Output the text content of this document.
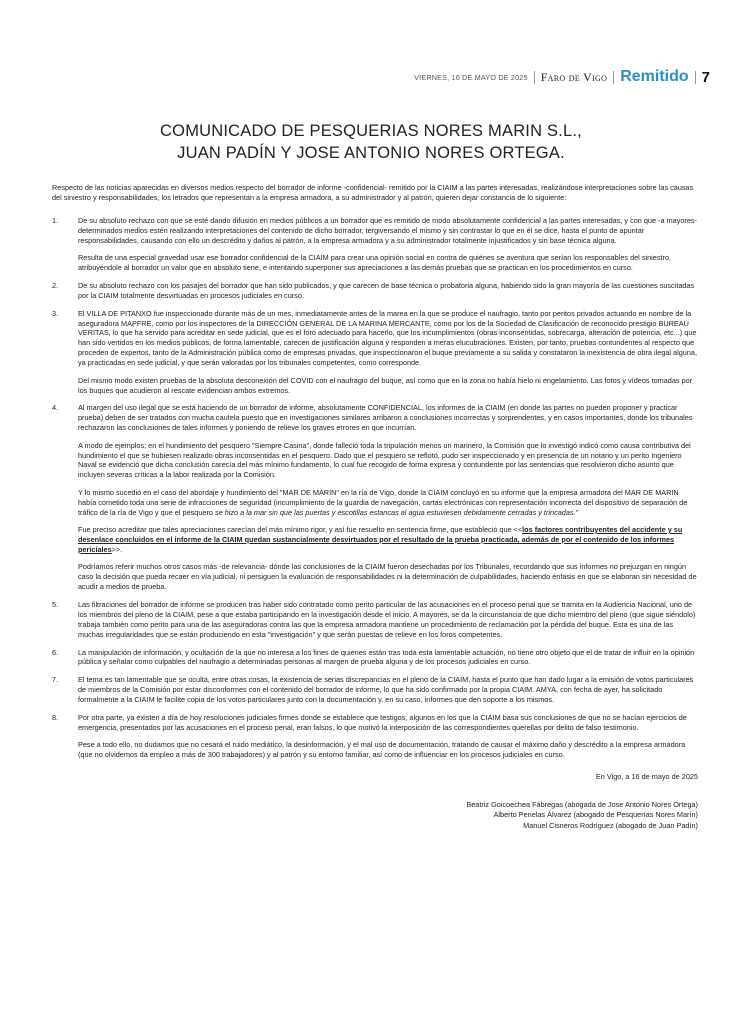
VIERNES, 16 DE MAYO DE 2025 Faro de Vigo Remitido 7
COMUNICADO DE PESQUERIAS NORES MARIN S.L.,
JUAN PADÍN Y JOSE ANTONIO NORES ORTEGA.

Respecto de las noticias aparecidas en diversos medios respecto del borrador de informe -confidencial- remitido por la CIAIM a las partes interesadas, realizándose interpretaciones sobre las causas del siniestro y responsabilidades, los letrados que representan a la empresa armadora, a su administrador y al patrón, quieren dejar constancia de lo siguiente:

1.	De su absoluto rechazo con que se esté dando difusión en medios públicos a un borrador que es remitido de modo absolutamente confidencial a las partes interesadas, y con que -a mayores- determinados medios estén realizando interpretaciones del contenido de dicho borrador, tergiversando el mismo y sin contrastar lo que en él se dice, hasta el punto de apuntar responsabilidades, causando con ello un descrédito y daños al patrón, a la empresa armadora y a su administrador totalmente injustificados y sin base técnica alguna.

Resulta de una especial gravedad usar ese borrador confidencial de la CIAIM para crear una opinión social en contra de quiénes se aventura que serían los responsables del siniestro, atribuyéndole al borrador un valor que en absoluto tiene, e intentando superponer sus apreciaciones a las demás pruebas que se practican en los procedimientos en curso.

2.	De su absoluto rechazo con los pasajes del borrador que han sido publicados, y que carecen de base técnica o probatoria alguna, habiendo sido la gran mayoría de las cuestiones suscitadas por la CIAIM totalmente desvirtuadas en procesos judiciales en curso.

3.	El VILLA DE PITANXO fue inspeccionado durante más de un mes, inmediatamente antes de la marea en la que se produce el naufragio, tanto por peritos privados actuando en nombre de la aseguradora MAPFRE, como por los inspectores de la DIRECCIÓN GENERAL DE LA MARINA MERCANTE, como por los de la Sociedad de Clasificación de reconocido prestigio BUREAU VERITAS, lo que ha servido para acreditar en sede judicial, que es el foro adecuado para hacerlo, que los incumplimientos (obras inconsentidas, sobrecarga, alteración de potencia, etc...) que han sido vertidos en los medios públicos, de forma lamentable, carecen de justificación alguna y responden a meras elucubraciones. Existen, por tanto, pruebas contundentes al respecto que proceden de expertos, tanto de la Administración pública como de empresas privadas, que inspeccionaron el buque previamente a su salida y constataron la inexistencia de obra ilegal alguna, ya practicadas en sede judicial, y que serán valoradas por los tribunales competentes, como corresponde.

Del mismo modo existen pruebas de la absoluta desconexión del COVID con el naufragio del buque, así como que en la zona no había hielo ni engelamiento. Las fotos y vídeos tomadas por los buques que acudieron al rescate evidencian ambos extremos.

4.	Al margen del uso ilegal que se está haciendo de un borrador de informe, absolutamente CONFIDENCIAL, los informes de la CIAIM (en donde las partes no pueden proponer y practicar prueba) deben de ser tratados con mucha cautela puesto que en investigaciones similares arribaron a conclusiones incorrectas y sorprendentes, y en casos importantes, donde los tribunales rechazaron las conclusiones de tales informes y poniendo de relieve los graves errores en que incurrían.

A modo de ejemplos; en el hundimiento del pesquero "Siempre Casina", donde falleció toda la tripulación menos un marinero, la Comisión que lo investigó indicó como causa contributiva del hundimiento el que se hubiesen realizado obras inconsentidas en el pesquero. Dado que el pesquero se reflotó, pudo ser inspeccionado y en presencia de un notario y un perito Ingeniero Naval se evidenció que dicha conclusión carecía del más mínimo fundamento, lo cual fue recogido de forma expresa y contundente por las sentencias que resolvieron dicho asunto que incluyen severas críticas a la labor realizada por la Comisión.

Y lo mismo sucedió en el caso del abordaje y hundimiento del "MAR DE MARIN" en la ría de Vigo, donde la CIAIM concluyó en su informe que la empresa armadora del MAR DE MARIN había cometido toda una serie de infracciones de seguridad (incumplimiento de la guardia de navegación, cartas electrónicas con representación incorrecta del dispositivo de separación de tráfico de la ría de Vigo y que el pesquero se hizo a la mar sin que las puertas y escotillas estancas al agua estuviesen debidamente cerradas y trincadas."

Fue preciso acreditar que tales apreciaciones carecían del más mínimo rigor, y así fue resuelto en sentencia firme, que estableció que <<los factores contribuyentes del accidente y su desenlace concluidos en el informe de la CIAIM quedan sustancialmente desvirtuados por el resultado de la prueba practicada, además de por el contenido de los informes periciales>>.

Podríamos referir muchos otros casos más -de relevancia- dónde las conclusiones de la CIAIM fueron desechadas por los Tribunales, recordando que sus informes no prejuzgan en ningún caso la decisión que pueda recaer en vía judicial, ni persiguen la evaluación de responsabilidades ni la determinación de culpabilidades, haciendo énfasis en que se elaboran sin necesidad de acudir a medios de prueba.

5.	Las filtraciones del borrador de informe se producen tras haber sido contratado como perito particular de las acusaciones en el proceso penal que se tramita en la Audiencia Nacional, uno de los miembros del pleno de la CIAIM, pese a que estaba participando en la investigación desde el inicio. A mayores, se da la circunstancia de que dicho miembro del pleno (que sigue siéndolo) trabaja también como perito para una de las aseguradoras contra las que la empresa armadora mantiene un procedimiento de reclamación por la pérdida del buque. Esta es una de las muchas irregularidades que se están produciendo en esta "investigación" y que serán puestas de relieve en los foros competentes.

6.	La manipulación de información, y ocultación de la que no interesa a los fines de quienes están tras toda esta lamentable actuación, no tiene otro objeto que el de tratar de influir en la opinión pública y señalar como culpables del naufragio a determinadas personas al margen de prueba alguna y de los procesos judiciales en curso.

7.	El tema es tan lamentable que se oculta, entre otras cosas, la existencia de serias discrepancias en el pleno de la CIAIM, hasta el punto que han dado lugar a la emisión de votos particulares de miembros de la Comisión por estar disconformes con el contenido del borrador de informe, lo que ha sido confirmado por la propia CIAIM. AMYA, con fecha de ayer, ha solicitado formalmente a la CIAIM le facilite copia de los votos particulares junto con la documentación y, en su caso, informes que den soporte a los mismos.

8.	Por otra parte, ya existen a día de hoy resoluciones judiciales firmes donde se establece que testigos, algunos en los que la CIAIM basa sus conclusiones de que no se hacían ejercicios de emergencia, presentados por las acusaciones en el proceso penal, eran falsos, lo que motivó la interposición de las correspondientes querellas por delito de falso testimonio.

Pese a todo ello, no dudamos que no cesará el ruido mediático, la desinformación, y el mal uso de documentación, tratando de causar el máximo daño y descrédito a la empresa armadora (que no olvidemos da empleo a más de 300 trabajadores) y al patrón y su entorno familiar, así como de influenciar en los procesos judiciales en curso.

En Vigo, a 16 de mayo de 2025
Beatriz Goicoechea Fábregas (abogada de Jose Antonio Nores Ortega)
Alberto Penelas Álvarez (abogado de Pesquerías Nores Marín)
Manuel Cisneros Rodríguez (abogado de Juan Padín)
